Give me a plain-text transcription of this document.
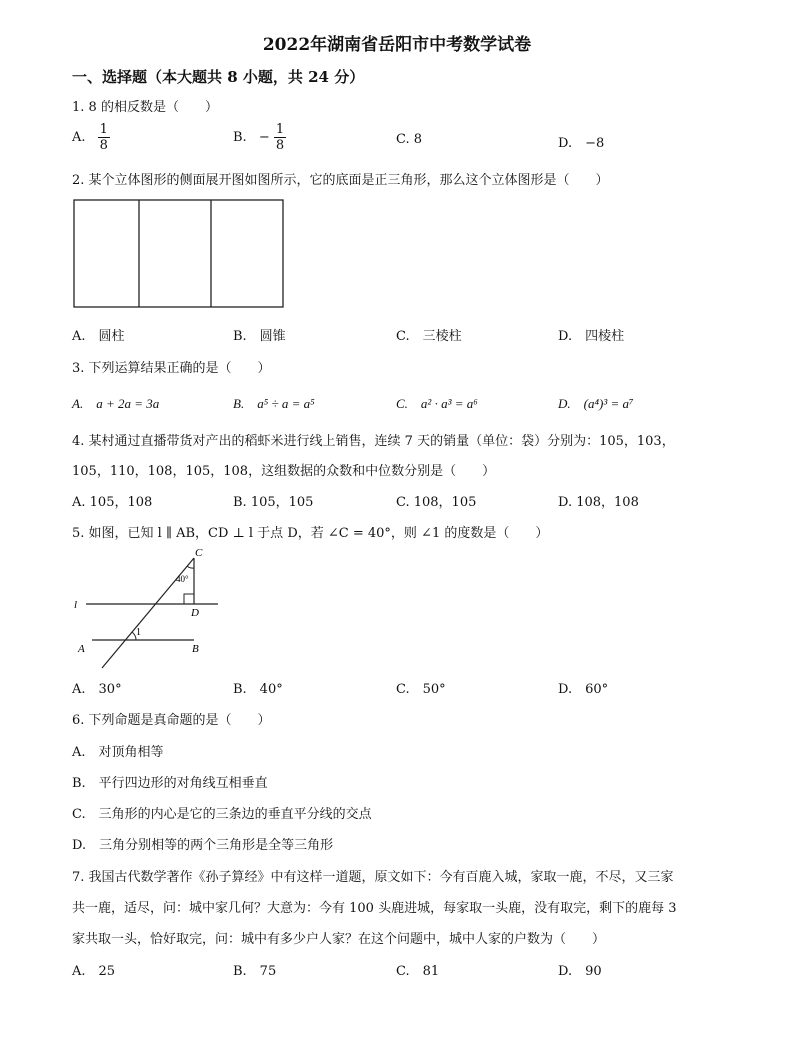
2022年湖南省岳阳市中考数学试卷
一、选择题（本大题共 8 小题，共 24 分）
1. 8 的相反数是（　　）
A. $\frac{1}{8}$	B. − $\frac{1}{8}$	C. 8	D.　−8
2. 某个立体图形的侧面展开图如图所示，它的底面是正三角形，那么这个立体图形是（　　）
A.　圆柱	B.　圆锥	C.　三棱柱	D.　四棱柱
3. 下列运算结果正确的是（　　）
A.　a + 2a = 3a	B.　a⁵ ÷ a = a⁵	C.　a² · a³ = a⁶	D.　(a⁴)³ = a⁷
4. 某村通过直播带货对产出的稻虾米进行线上销售，连续 7 天的销量（单位：袋）分别为：105，103，
105，110，108，105，108，这组数据的众数和中位数分别是（　　）
A. 105，108	B. 105，105	C. 108，105	D. 108，108
5. 如图，已知 l ∥ AB，CD ⊥ l 于点 D，若 ∠C = 40°，则 ∠1 的度数是（　　）
C
40°
l
D
1
A	B
A.　30°	B.　40°	C.　50°	D.　60°
6. 下列命题是真命题的是（　　）
A.　对顶角相等
B.　平行四边形的对角线互相垂直
C.　三角形的内心是它的三条边的垂直平分线的交点
D.　三角分别相等的两个三角形是全等三角形
7. 我国古代数学著作《孙子算经》中有这样一道题，原文如下：今有百鹿入城，家取一鹿，不尽，又三家
共一鹿，适尽，问：城中家几何？大意为：今有 100 头鹿进城，每家取一头鹿，没有取完，剩下的鹿每 3
家共取一头，恰好取完，问：城中有多少户人家？在这个问题中，城中人家的户数为（　　）
A.　25	B.　75	C.　81	D.　90
